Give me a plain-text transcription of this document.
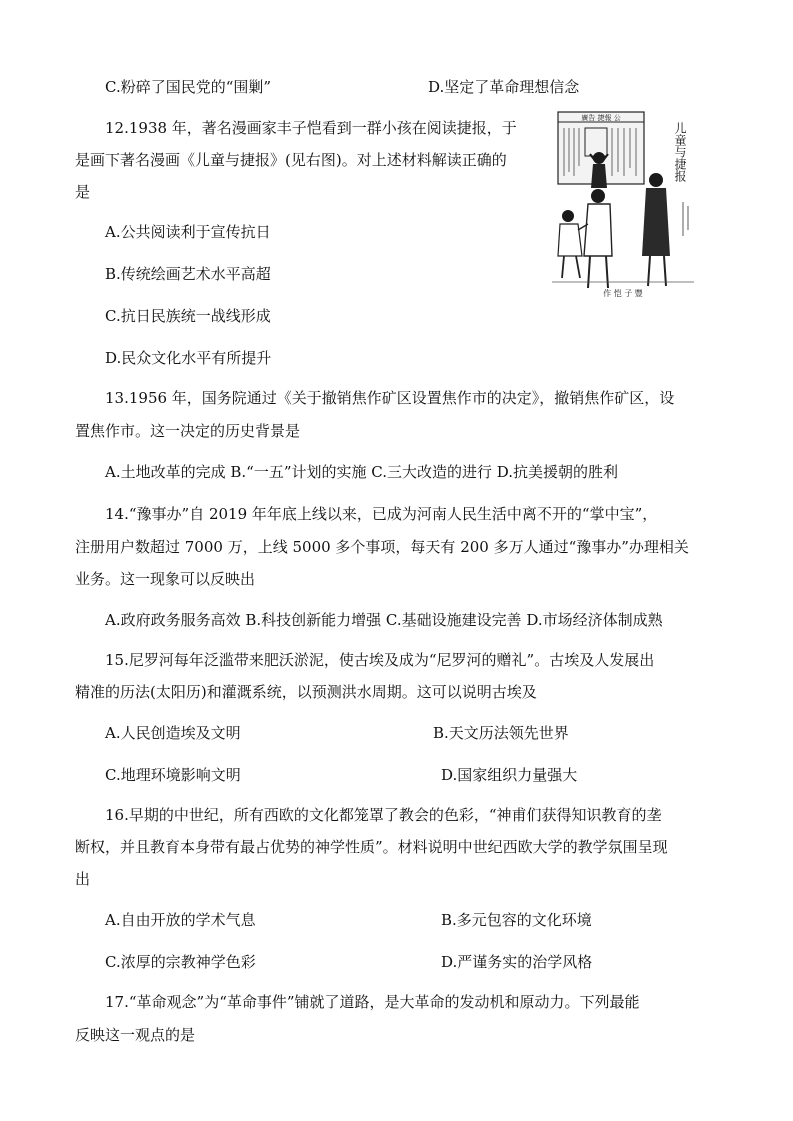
C.粉碎了国民党的“围剿”	D.坚定了革命理想信念
12.1938 年，著名漫画家丰子恺看到一群小孩在阅读捷报，于
是画下著名漫画《儿童与捷报》(见右图)。对上述材料解读正确的
是
A.公共阅读利于宣传抗日
B.传统绘画艺术水平高超
C.抗日民族统一战线形成
D.民众文化水平有所提升
廣告 捷報 公
儿童与捷报
作 恺 子 豐
13.1956 年，国务院通过《关于撤销焦作矿区设置焦作市的决定》，撤销焦作矿区，设
置焦作市。这一决定的历史背景是
A.土地改革的完成 B.“一五”计划的实施 C.三大改造的进行 D.抗美援朝的胜利
14.“豫事办”自 2019 年年底上线以来，已成为河南人民生活中离不开的“掌中宝”，
注册用户数超过 7000 万，上线 5000 多个事项，每天有 200 多万人通过“豫事办”办理相关
业务。这一现象可以反映出
A.政府政务服务高效 B.科技创新能力增强 C.基础设施建设完善 D.市场经济体制成熟
15.尼罗河每年泛滥带来肥沃淤泥，使古埃及成为“尼罗河的赠礼”。古埃及人发展出
精准的历法(太阳历)和灌溉系统，以预测洪水周期。这可以说明古埃及
A.人民创造埃及文明	B.天文历法领先世界
C.地理环境影响文明	D.国家组织力量强大
16.早期的中世纪，所有西欧的文化都笼罩了教会的色彩，“神甫们获得知识教育的垄
断权，并且教育本身带有最占优势的神学性质”。材料说明中世纪西欧大学的教学氛围呈现
出
A.自由开放的学术气息	B.多元包容的文化环境
C.浓厚的宗教神学色彩	D.严谨务实的治学风格
17.“革命观念”为“革命事件”铺就了道路，是大革命的发动机和原动力。下列最能
反映这一观点的是
